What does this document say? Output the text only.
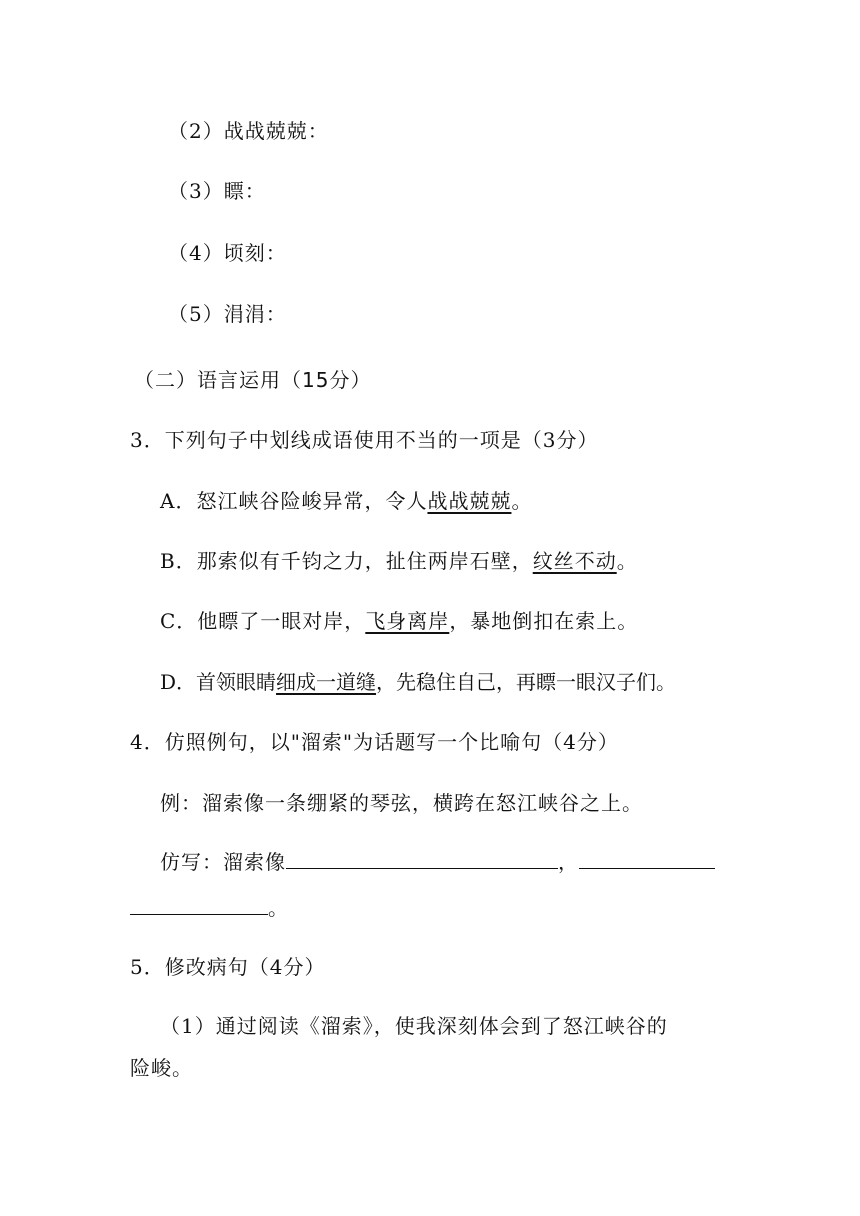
（2）战战兢兢：
（3）瞟：
（4）顷刻：
（5）涓涓：
（二）语言运用（15分）
3．下列句子中划线成语使用不当的一项是（3分）
A．怒江峡谷险峻异常，令人战战兢兢。
B．那索似有千钧之力，扯住两岸石壁，纹丝不动。
C．他瞟了一眼对岸，飞身离岸，暴地倒扣在索上。
D．首领眼睛细成一道缝，先稳住自己，再瞟一眼汉子们。
4．仿照例句，以"溜索"为话题写一个比喻句（4分）
例：溜索像一条绷紧的琴弦，横跨在怒江峡谷之上。
仿写：溜索像	，
。
5．修改病句（4分）
（1）通过阅读《溜索》，使我深刻体会到了怒江峡谷的
险峻。
